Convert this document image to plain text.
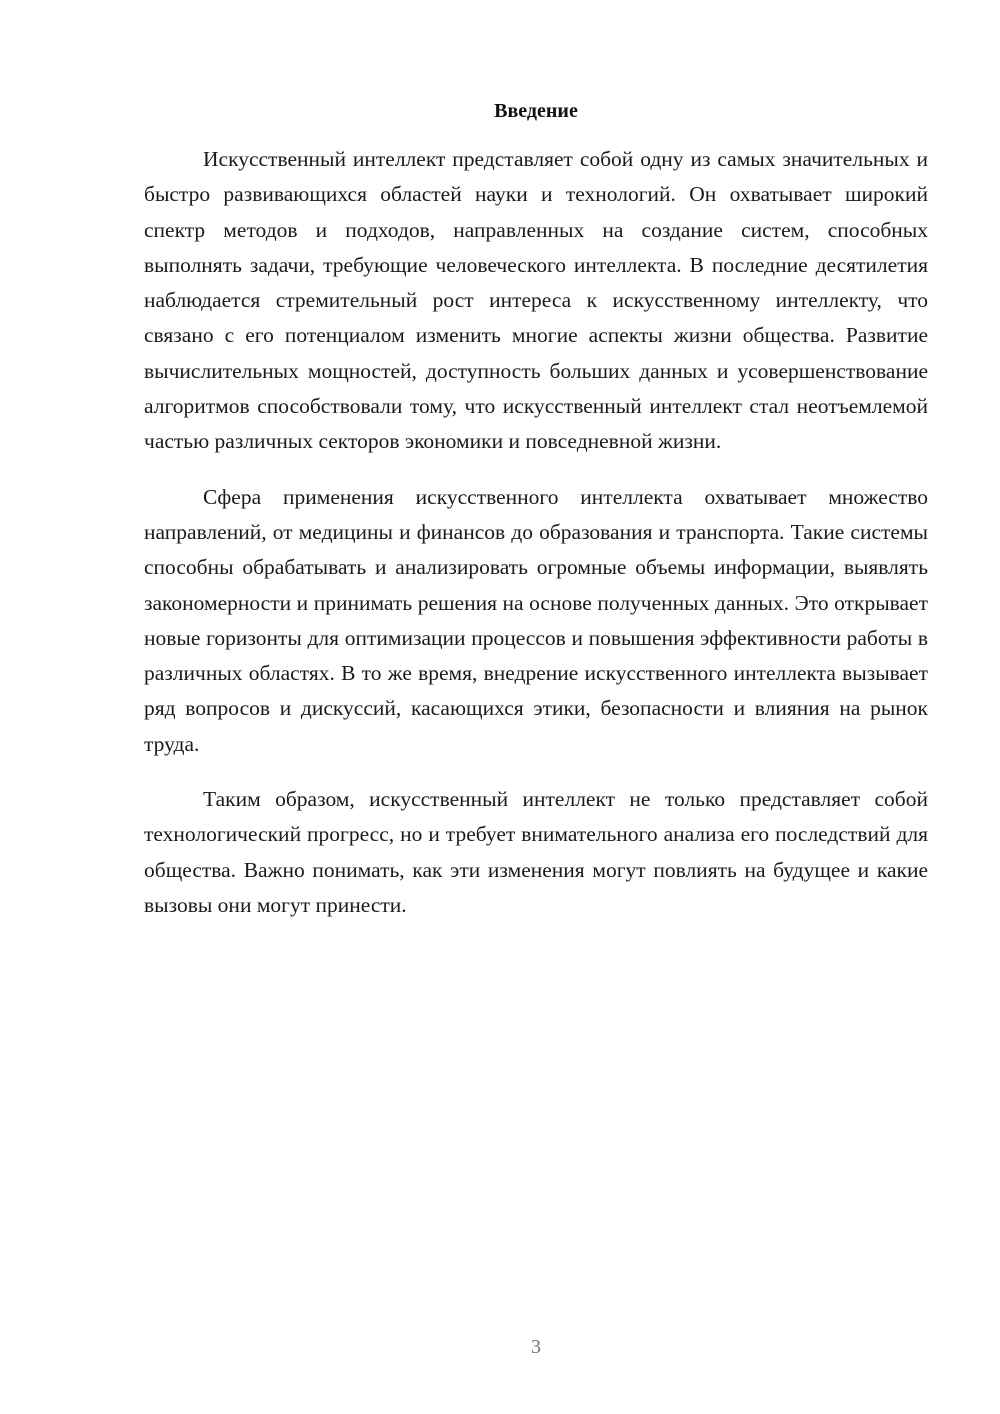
Введение

Искусственный интеллект представляет собой одну из самых значительных и быстро развивающихся областей науки и технологий. Он охватывает широкий спектр методов и подходов, направленных на создание систем, способных выполнять задачи, требующие человеческого интеллекта. В последние десятилетия наблюдается стремительный рост интереса к искусственному интеллекту, что связано с его потенциалом изменить многие аспекты жизни общества. Развитие вычислительных мощностей, доступность больших данных и усовершенствование алгоритмов способствовали тому, что искусственный интеллект стал неотъемлемой частью различных секторов экономики и повседневной жизни.

Сфера применения искусственного интеллекта охватывает множество направлений, от медицины и финансов до образования и транспорта. Такие системы способны обрабатывать и анализировать огромные объемы информации, выявлять закономерности и принимать решения на основе полученных данных. Это открывает новые горизонты для оптимизации процессов и повышения эффективности работы в различных областях. В то же время, внедрение искусственного интеллекта вызывает ряд вопросов и дискуссий, касающихся этики, безопасности и влияния на рынок труда.

Таким образом, искусственный интеллект не только представляет собой технологический прогресс, но и требует внимательного анализа его последствий для общества. Важно понимать, как эти изменения могут повлиять на будущее и какие вызовы они могут принести.

3
